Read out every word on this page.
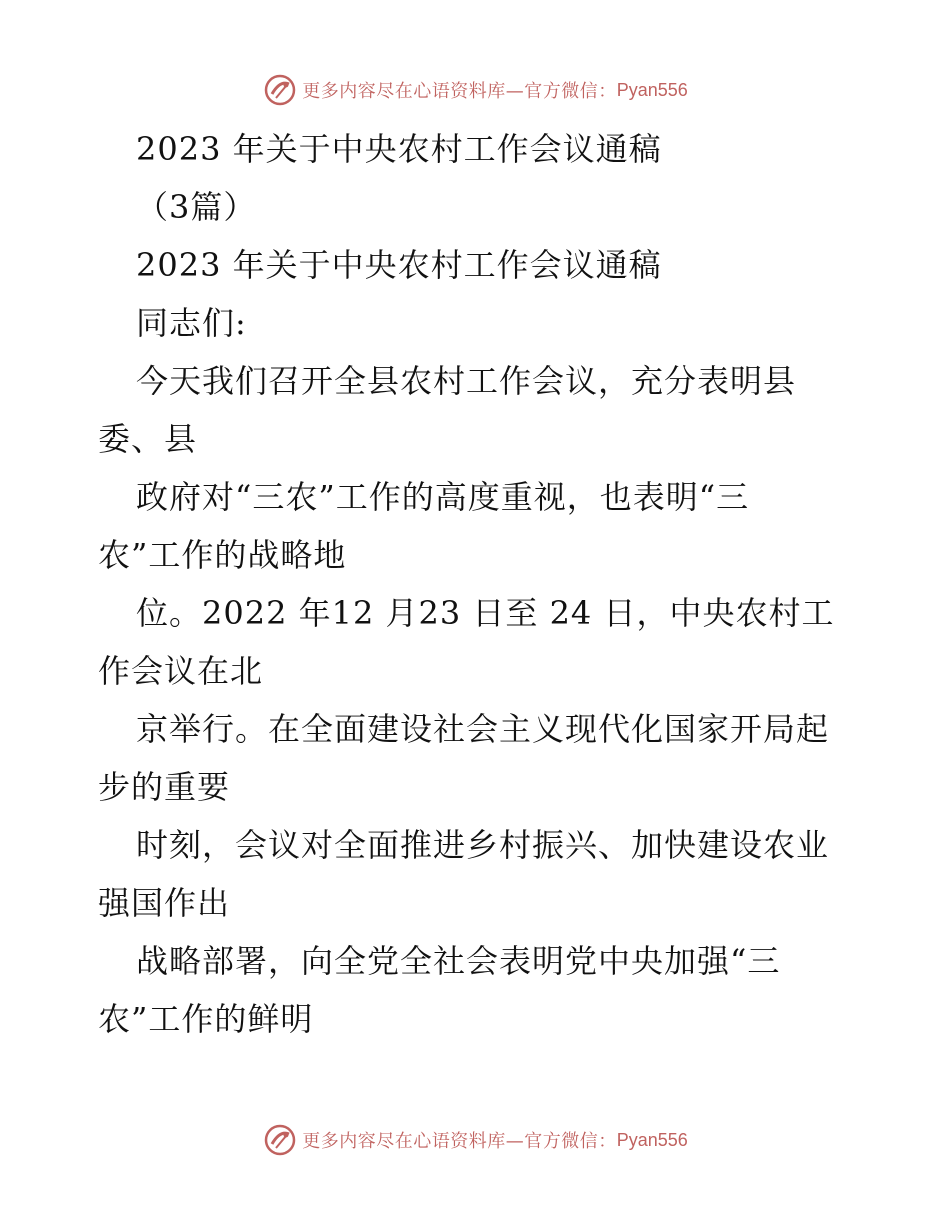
更多内容尽在心语资料库—官方微信： Pyan556
2023 年关于中央农村工作会议通稿
（3篇）
2023 年关于中央农村工作会议通稿
同志们:
今天我们召开全县农村工作会议，充分表明县
委、县
政府对“三农”工作的高度重视，也表明“三
农”工作的战略地
位。2022 年12 月23 日至 24 日，中央农村工
作会议在北
京举行。在全面建设社会主义现代化国家开局起
步的重要
时刻，会议对全面推进乡村振兴、加快建设农业
强国作出
战略部署，向全党全社会表明党中央加强“三
农”工作的鲜明
更多内容尽在心语资料库—官方微信： Pyan556
